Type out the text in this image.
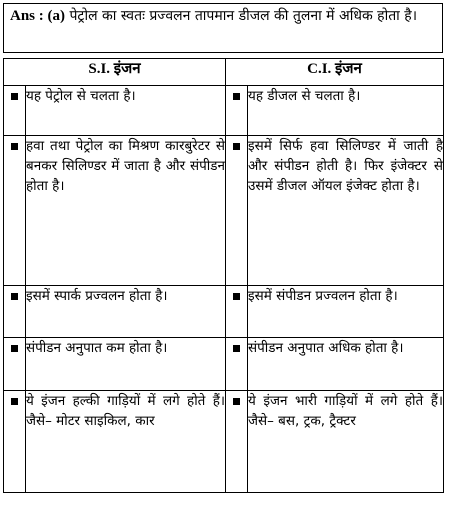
Ans : (a) पेट्रोल का स्वतः प्रज्वलन तापमान डीजल की तुलना में अधिक होता है।
S.I. इंजन		C.I. इंजन	
	यह पेट्रोल से चलता है।		यह डीजल से चलता है।
	हवा तथा पेट्रोल का मिश्रण कारबुरेटर से बनकर सिलिण्डर में जाता है और संपीडन होता है।		इसमें सिर्फ हवा सिलिण्डर में जाती है और संपीडन होती है। फिर इंजेक्टर से उसमें डीजल ऑयल इंजेक्ट होता है।
	इसमें स्पार्क प्रज्वलन होता है।		इसमें संपीडन प्रज्वलन होता है।
	संपीडन अनुपात कम होता है।		संपीडन अनुपात अधिक होता है।
	ये इंजन हल्की गाड़ियों में लगे होते हैं। जैसे– मोटर साइकिल, कार		ये इंजन भारी गाड़ियों में लगे होते हैं। जैसे– बस, ट्रक, ट्रैक्टर
